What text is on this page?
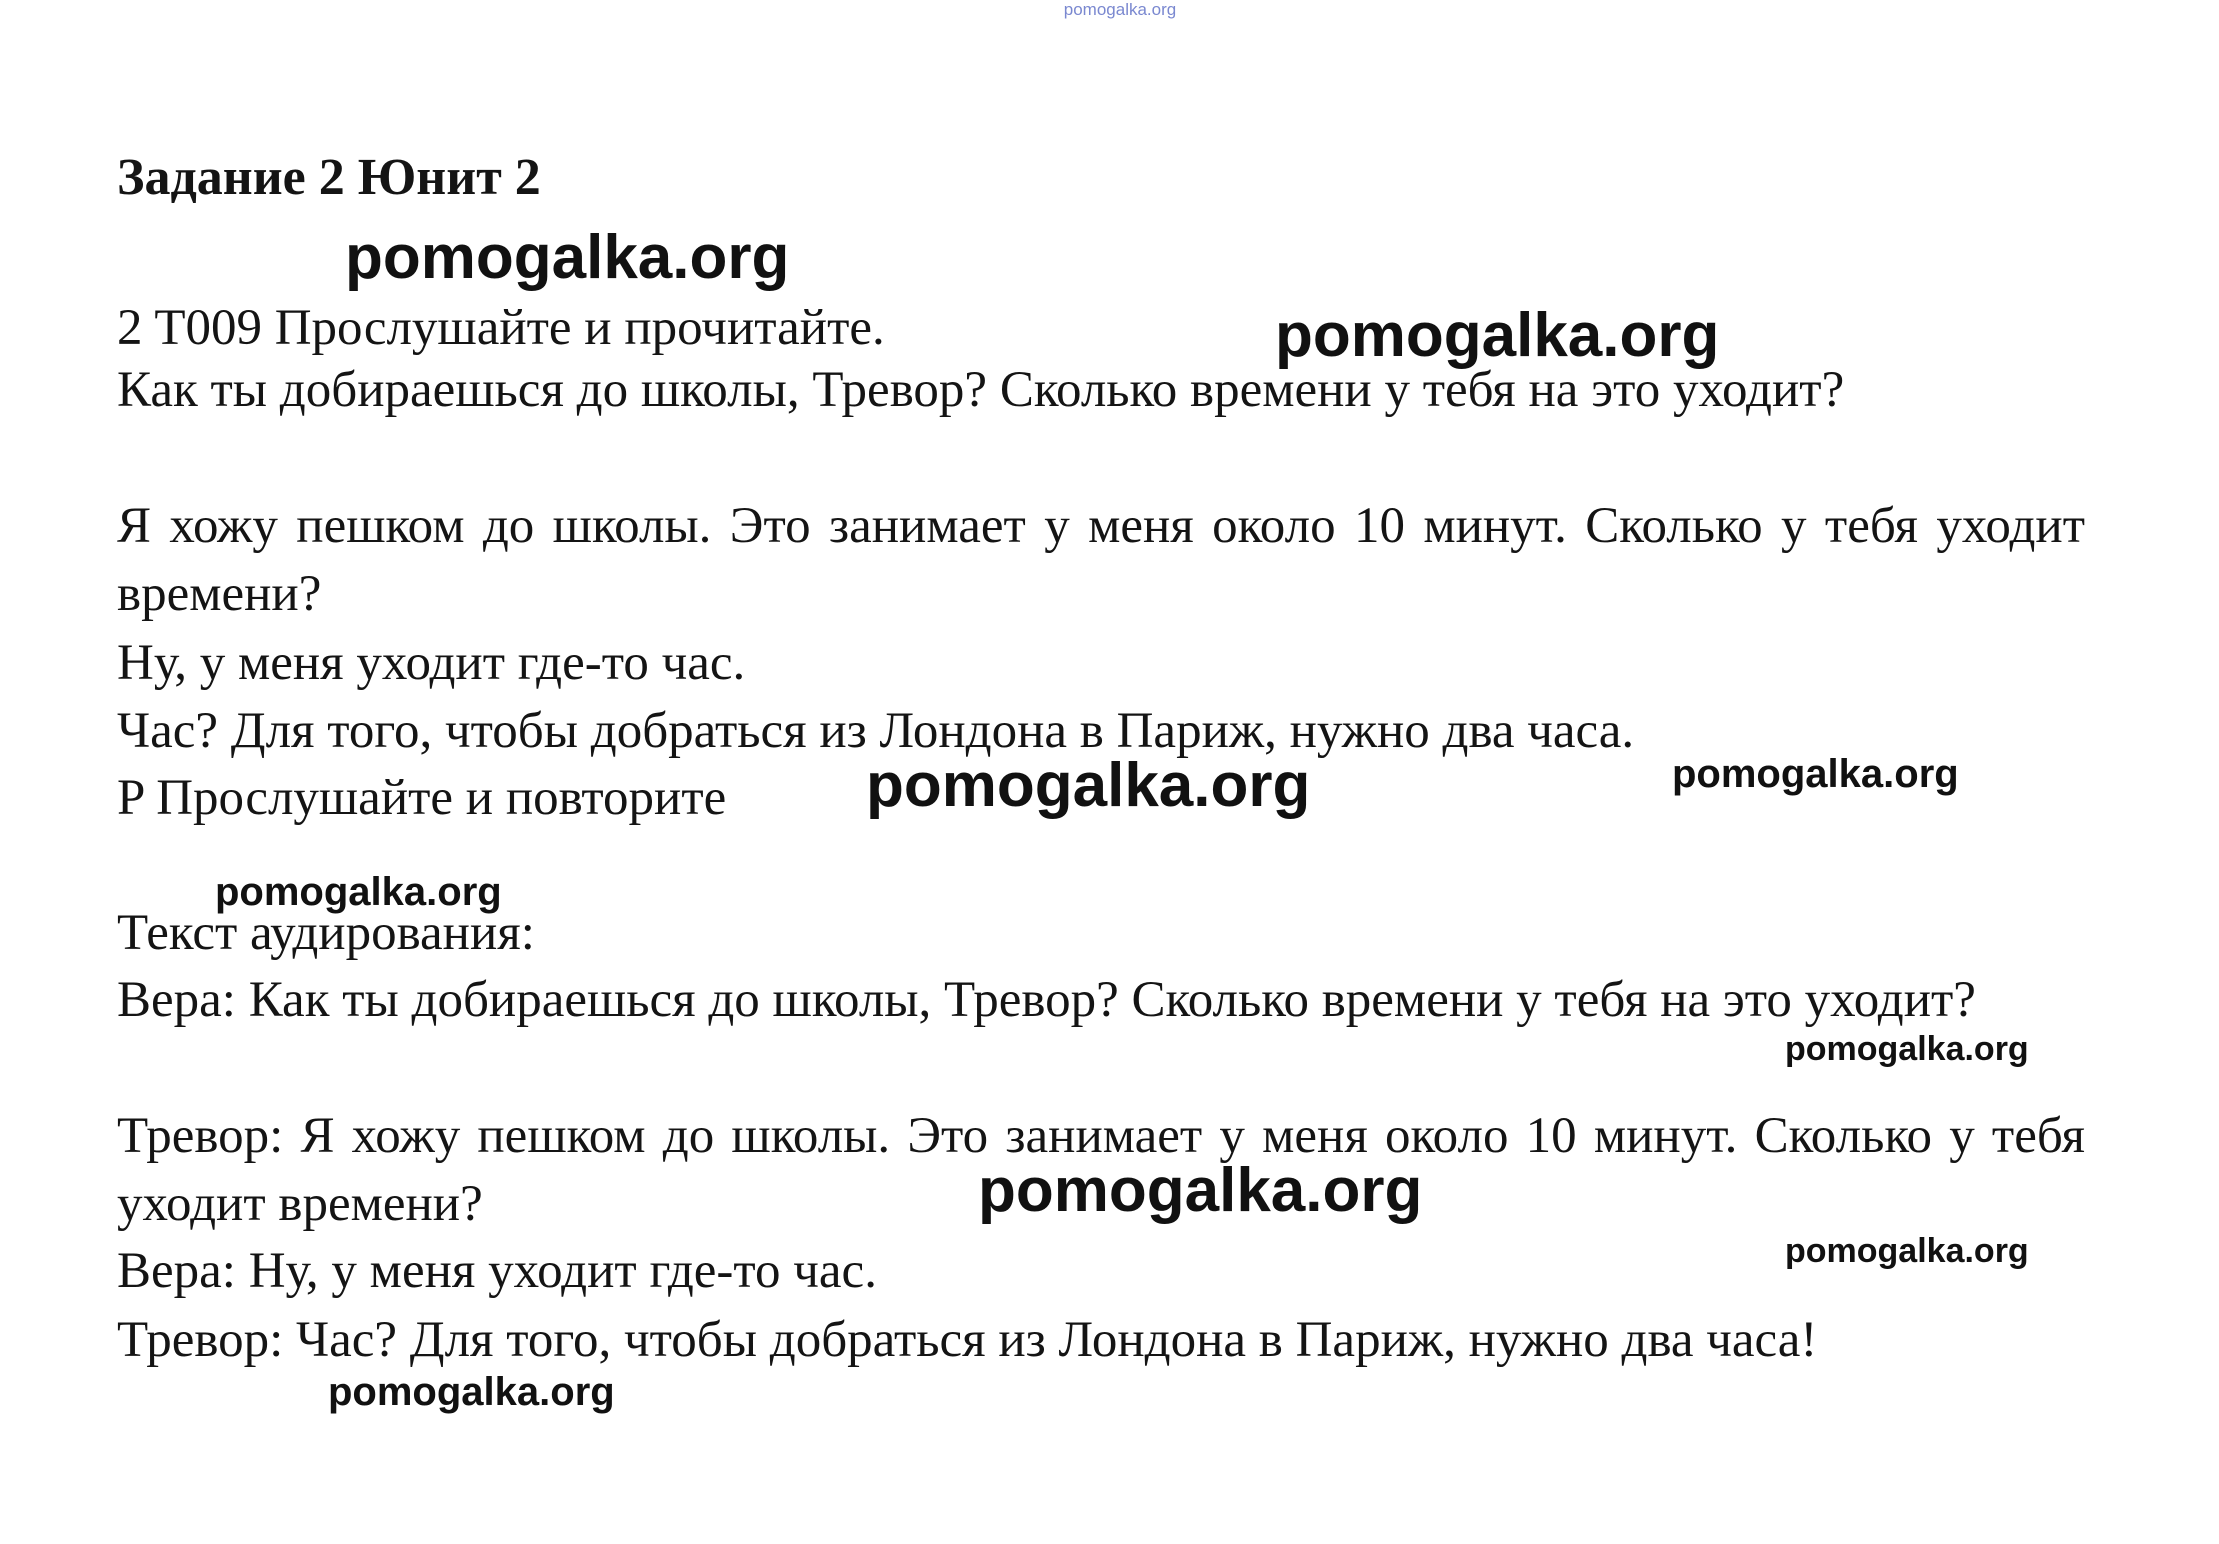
pomogalka.org
Задание 2 Юнит 2
2 T009 Прослушайте и прочитайте.
Как ты добираешься до школы, Тревор? Сколько времени у тебя на это уходит?
Я хожу пешком до школы. Это занимает у меня около 10 минут. Сколько у тебя уходит времени?
Ну, у меня уходит где-то час.
Час? Для того, чтобы добраться из Лондона в Париж, нужно два часа.
P Прослушайте и повторите
Текст аудирования:
Вера: Как ты добираешься до школы, Тревор? Сколько времени у тебя на это уходит?
Тревор: Я хожу пешком до школы. Это занимает у меня около 10 минут. Сколько у тебя уходит времени?
Вера: Ну, у меня уходит где-то час.
Тревор: Час? Для того, чтобы добраться из Лондона в Париж, нужно два часа!
pomogalka.org
pomogalka.org
pomogalka.org	pomogalka.org
pomogalka.org
pomogalka.org
pomogalka.org
pomogalka.org
pomogalka.org
